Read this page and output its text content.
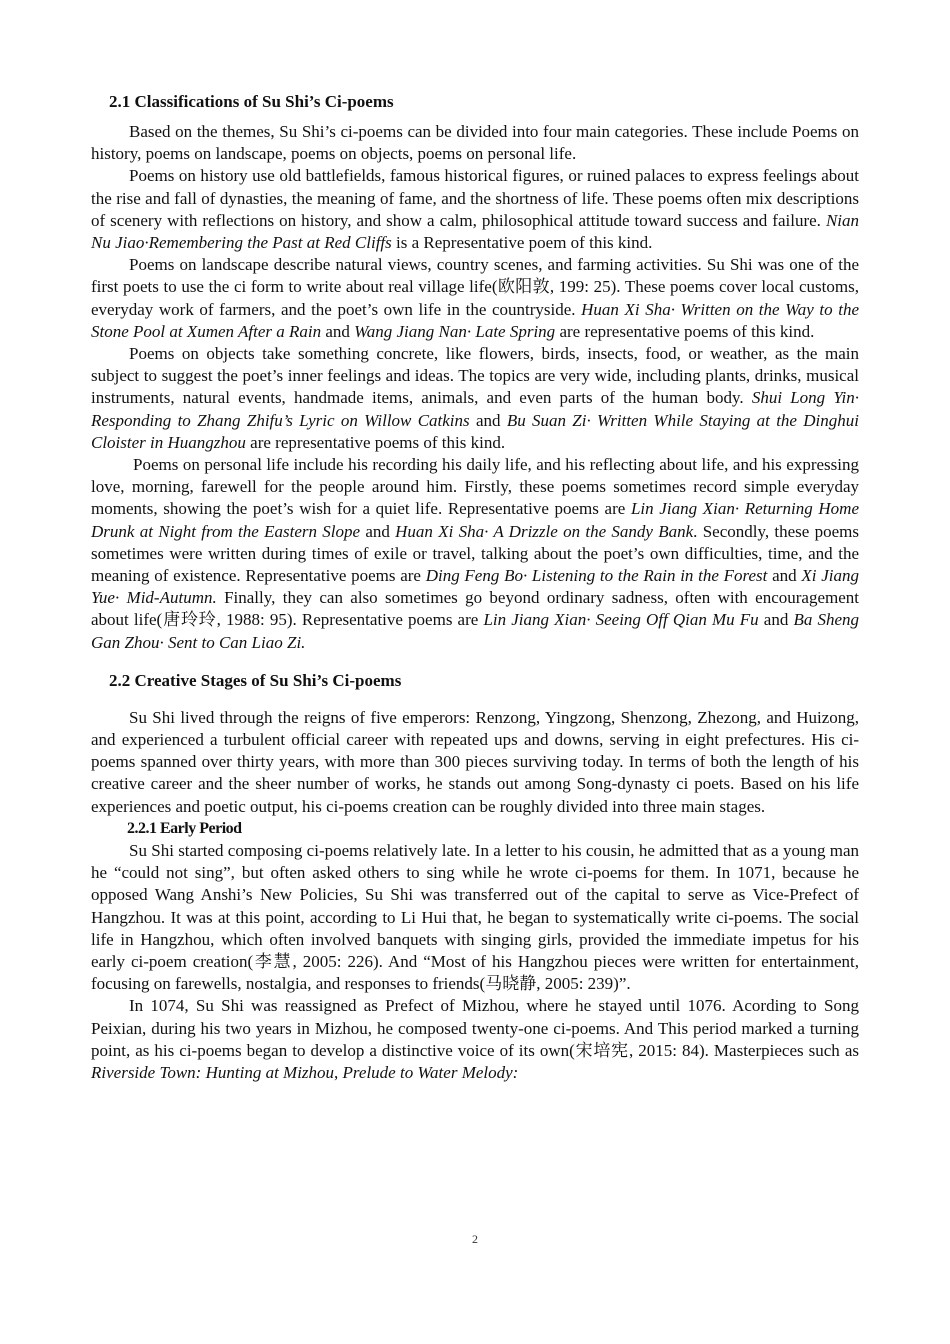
2.1 Classifications of Su Shi’s Ci-poems

Based on the themes, Su Shi’s ci-poems can be divided into four main categories. These include Poems on history, poems on landscape, poems on objects, poems on personal life.

Poems on history use old battlefields, famous historical figures, or ruined palaces to express feelings about the rise and fall of dynasties, the meaning of fame, and the shortness of life. These poems often mix descriptions of scenery with reflections on history, and show a calm, philosophical attitude toward success and failure. Nian Nu Jiao·Remembering the Past at Red Cliffs is a Representative poem of this kind.

Poems on landscape describe natural views, country scenes, and farming activities. Su Shi was one of the first poets to use the ci form to write about real village life(欧阳敦, 199: 25). These poems cover local customs, everyday work of farmers, and the poet’s own life in the countryside. Huan Xi Sha· Written on the Way to the Stone Pool at Xumen After a Rain and Wang Jiang Nan· Late Spring are representative poems of this kind.

Poems on objects take something concrete, like flowers, birds, insects, food, or weather, as the main subject to suggest the poet’s inner feelings and ideas. The topics are very wide, including plants, drinks, musical instruments, natural events, handmade items, animals, and even parts of the human body. Shui Long Yin· Responding to Zhang Zhifu’s Lyric on Willow Catkins and Bu Suan Zi· Written While Staying at the Dinghui Cloister in Huangzhou are representative poems of this kind.

Poems on personal life include his recording his daily life, and his reflecting about life, and his expressing love, morning, farewell for the people around him. Firstly, these poems sometimes record simple everyday moments, showing the poet’s wish for a quiet life. Representative poems are Lin Jiang Xian· Returning Home Drunk at Night from the Eastern Slope and Huan Xi Sha· A Drizzle on the Sandy Bank. Secondly, these poems sometimes were written during times of exile or travel, talking about the poet’s own difficulties, time, and the meaning of existence. Representative poems are Ding Feng Bo· Listening to the Rain in the Forest and Xi Jiang Yue· Mid-Autumn. Finally, they can also sometimes go beyond ordinary sadness, often with encouragement about life(唐玲玲, 1988: 95). Representative poems are Lin Jiang Xian· Seeing Off Qian Mu Fu and Ba Sheng Gan Zhou· Sent to Can Liao Zi.

2.2 Creative Stages of Su Shi’s Ci-poems

Su Shi lived through the reigns of five emperors: Renzong, Yingzong, Shenzong, Zhezong, and Huizong, and experienced a turbulent official career with repeated ups and downs, serving in eight prefectures. His ci-poems spanned over thirty years, with more than 300 pieces surviving today. In terms of both the length of his creative career and the sheer number of works, he stands out among Song-dynasty ci poets. Based on his life experiences and poetic output, his ci-poems creation can be roughly divided into three main stages.

2.2.1 Early Period

Su Shi started composing ci-poems relatively late. In a letter to his cousin, he admitted that as a young man he “could not sing”, but often asked others to sing while he wrote ci-poems for them. In 1071, because he opposed Wang Anshi’s New Policies, Su Shi was transferred out of the capital to serve as Vice-Prefect of Hangzhou. It was at this point, according to Li Hui that, he began to systematically write ci-poems. The social life in Hangzhou, which often involved banquets with singing girls, provided the immediate impetus for his early ci-poem creation(李慧, 2005: 226). And “Most of his Hangzhou pieces were written for entertainment, focusing on farewells, nostalgia, and responses to friends(马晓静, 2005: 239)”.

In 1074, Su Shi was reassigned as Prefect of Mizhou, where he stayed until 1076. Acording to Song Peixian, during his two years in Mizhou, he composed twenty-one ci-poems. And This period marked a turning point, as his ci-poems began to develop a distinctive voice of its own(宋培宪, 2015: 84). Masterpieces such as Riverside Town: Hunting at Mizhou, Prelude to Water Melody:

2
